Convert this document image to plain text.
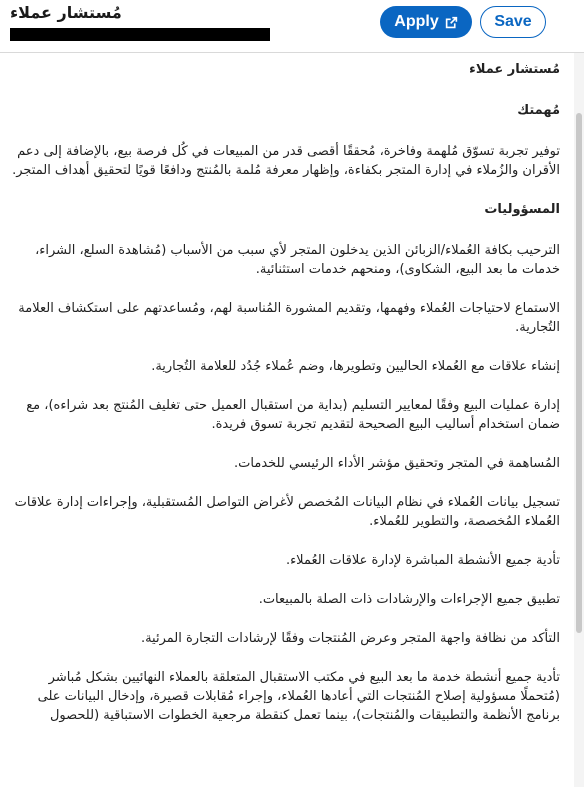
مُستشار عملاء	Apply	Save

مُستشار عملاء

مُهمتك

توفير تجربة تسوّق مُلهمة وفاخرة، مُحققًا أقصى قدر من المبيعات في كُل فرصة بيع، بالإضافة إلى دعم الأقران والزُملاء في إدارة المتجر بكفاءة، وإظهار معرفة مُلمة بالمُنتج ودافعًا قويًا لتحقيق أهداف المتجر.

المسؤوليات

الترحيب بكافة العُملاء/الزبائن الذين يدخلون المتجر لأي سبب من الأسباب (مُشاهدة السلع، الشراء، خدمات ما بعد البيع، الشكاوى)، ومنحهم خدمات استثنائية.

الاستماع لاحتياجات العُملاء وفهمها، وتقديم المشورة المُناسبة لهم، ومُساعدتهم على استكشاف العلامة التُجارية.

إنشاء علاقات مع العُملاء الحاليين وتطويرها، وضم عُملاء جُدُد للعلامة التُجارية.

إدارة عمليات البيع وفقًا لمعايير التسليم (بداية من استقبال العميل حتى تغليف المُنتج بعد شراءه)، مع ضمان استخدام أساليب البيع الصحيحة لتقديم تجربة تسوق فريدة.

المُساهمة في المتجر وتحقيق مؤشر الأداء الرئيسي للخدمات.

تسجيل بيانات العُملاء في نظام البيانات المُخصص لأغراض التواصل المُستقبلية، وإجراءات إدارة علاقات العُملاء المُخصصة، والتطوير للعُملاء.

تأدية جميع الأنشطة المباشرة لإدارة علاقات العُملاء.

تطبيق جميع الإجراءات والإرشادات ذات الصلة بالمبيعات.

التأكد من نظافة واجهة المتجر وعرض المُنتجات وفقًا لإرشادات التجارة المرئية.

تأدية جميع أنشطة خدمة ما بعد البيع في مكتب الاستقبال المتعلقة بالعملاء النهائيين بشكل مُباشر (مُتحملًا مسؤولية إصلاح المُنتجات التي أعادها العُملاء، وإجراء مُقابلات قصيرة، وإدخال البيانات على برنامج الأنظمة والتطبيقات والمُنتجات)، بينما تعمل كنقطة مرجعية الخطوات الاستباقية (للحصول
